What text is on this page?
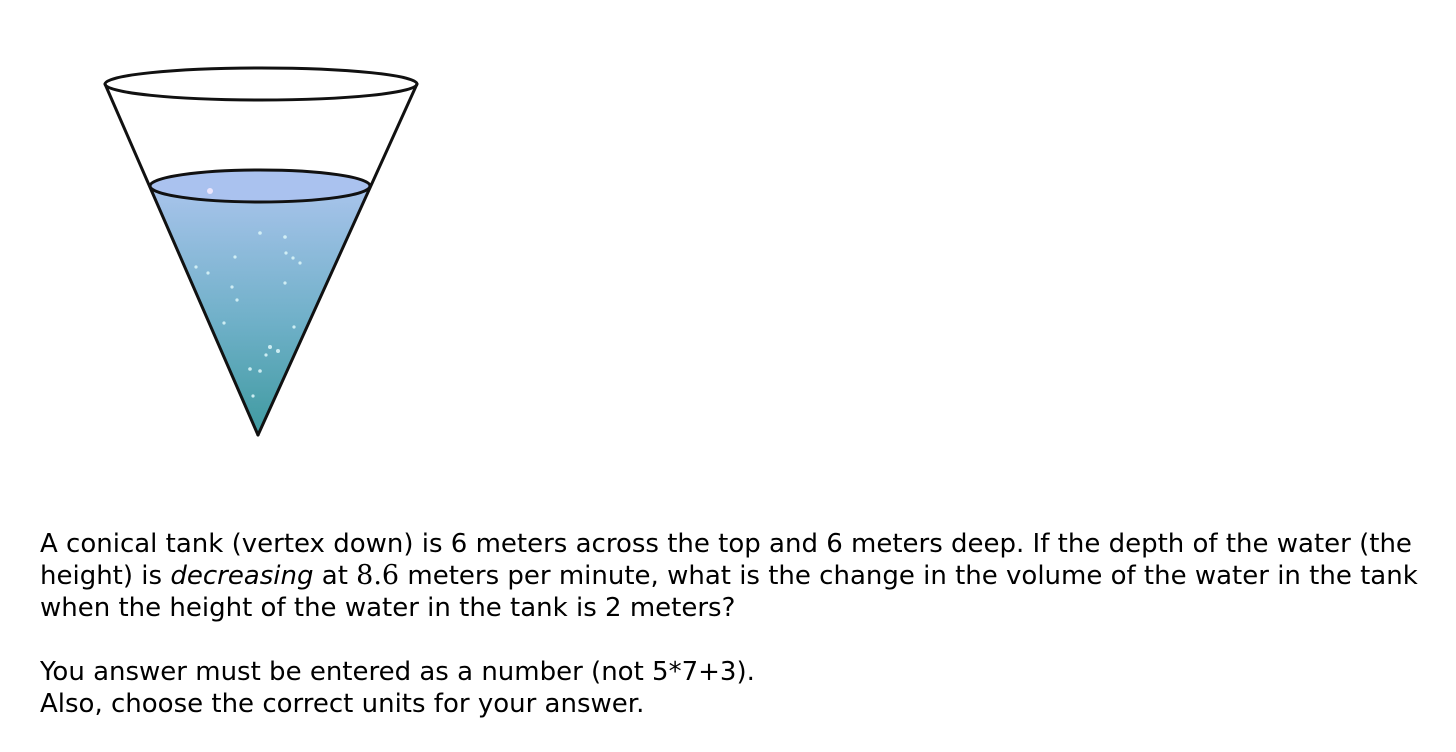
A conical tank (vertex down) is 6 meters across the top and 6 meters deep. If the depth of the water (the height) is decreasing at 8.6 meters per minute, what is the change in the volume of the water in the tank when the height of the water in the tank is 2 meters?

You answer must be entered as a number (not 5*7+3).

Also, choose the correct units for your answer.
